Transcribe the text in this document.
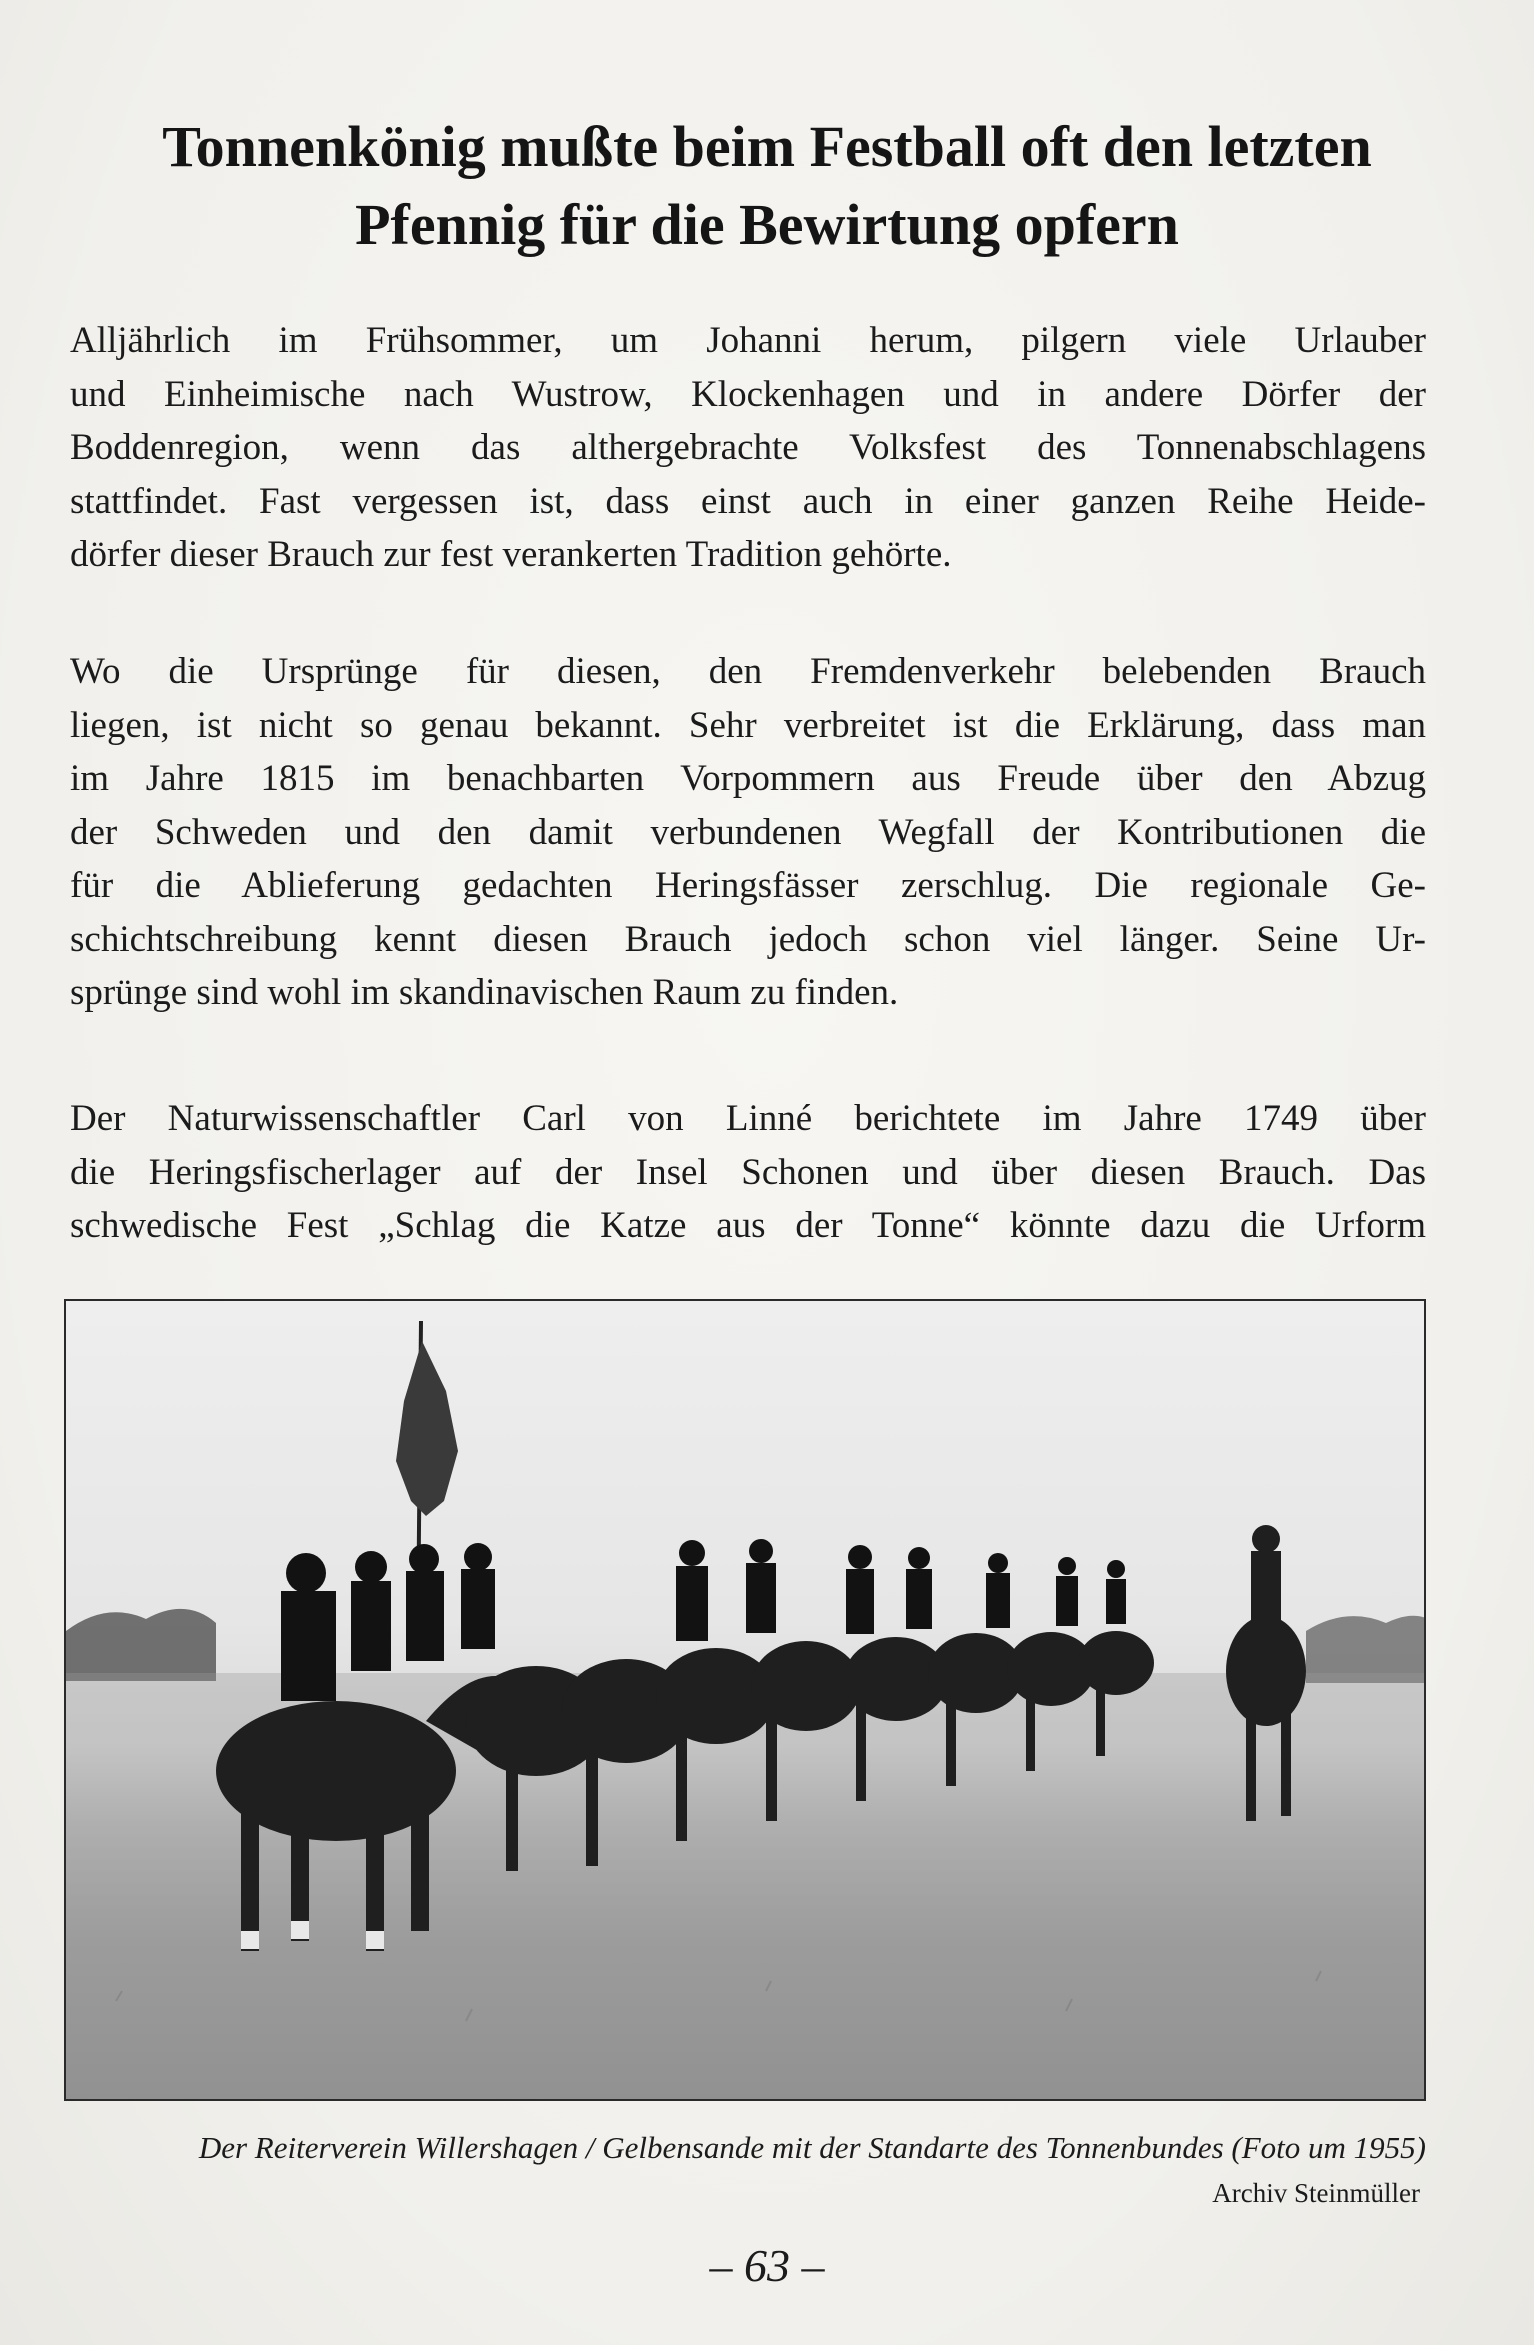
Tonnenkönig mußte beim Festball oft den letzten
Pfennig für die Bewirtung opfern

Alljährlich im Frühsommer, um Johanni herum, pilgern viele Urlauber
und Einheimische nach Wustrow, Klockenhagen und in andere Dörfer der
Boddenregion, wenn das althergebrachte Volksfest des Tonnenabschlagens
stattfindet. Fast vergessen ist, dass einst auch in einer ganzen Reihe Heide-
dörfer dieser Brauch zur fest verankerten Tradition gehörte.

Wo die Ursprünge für diesen, den Fremdenverkehr belebenden Brauch
liegen, ist nicht so genau bekannt. Sehr verbreitet ist die Erklärung, dass man
im Jahre 1815 im benachbarten Vorpommern aus Freude über den Abzug
der Schweden und den damit verbundenen Wegfall der Kontributionen die
für die Ablieferung gedachten Heringsfässer zerschlug. Die regionale Ge-
schichtschreibung kennt diesen Brauch jedoch schon viel länger. Seine Ur-
sprünge sind wohl im skandinavischen Raum zu finden.

Der Naturwissenschaftler Carl von Linné berichtete im Jahre 1749 über
die Heringsfischerlager auf der Insel Schonen und über diesen Brauch. Das
schwedische Fest „Schlag die Katze aus der Tonne“ könnte dazu die Urform

Der Reiterverein Willershagen / Gelbensande mit der Standarte des Tonnenbundes (Foto um 1955)

Archiv Steinmüller

– 63 –
